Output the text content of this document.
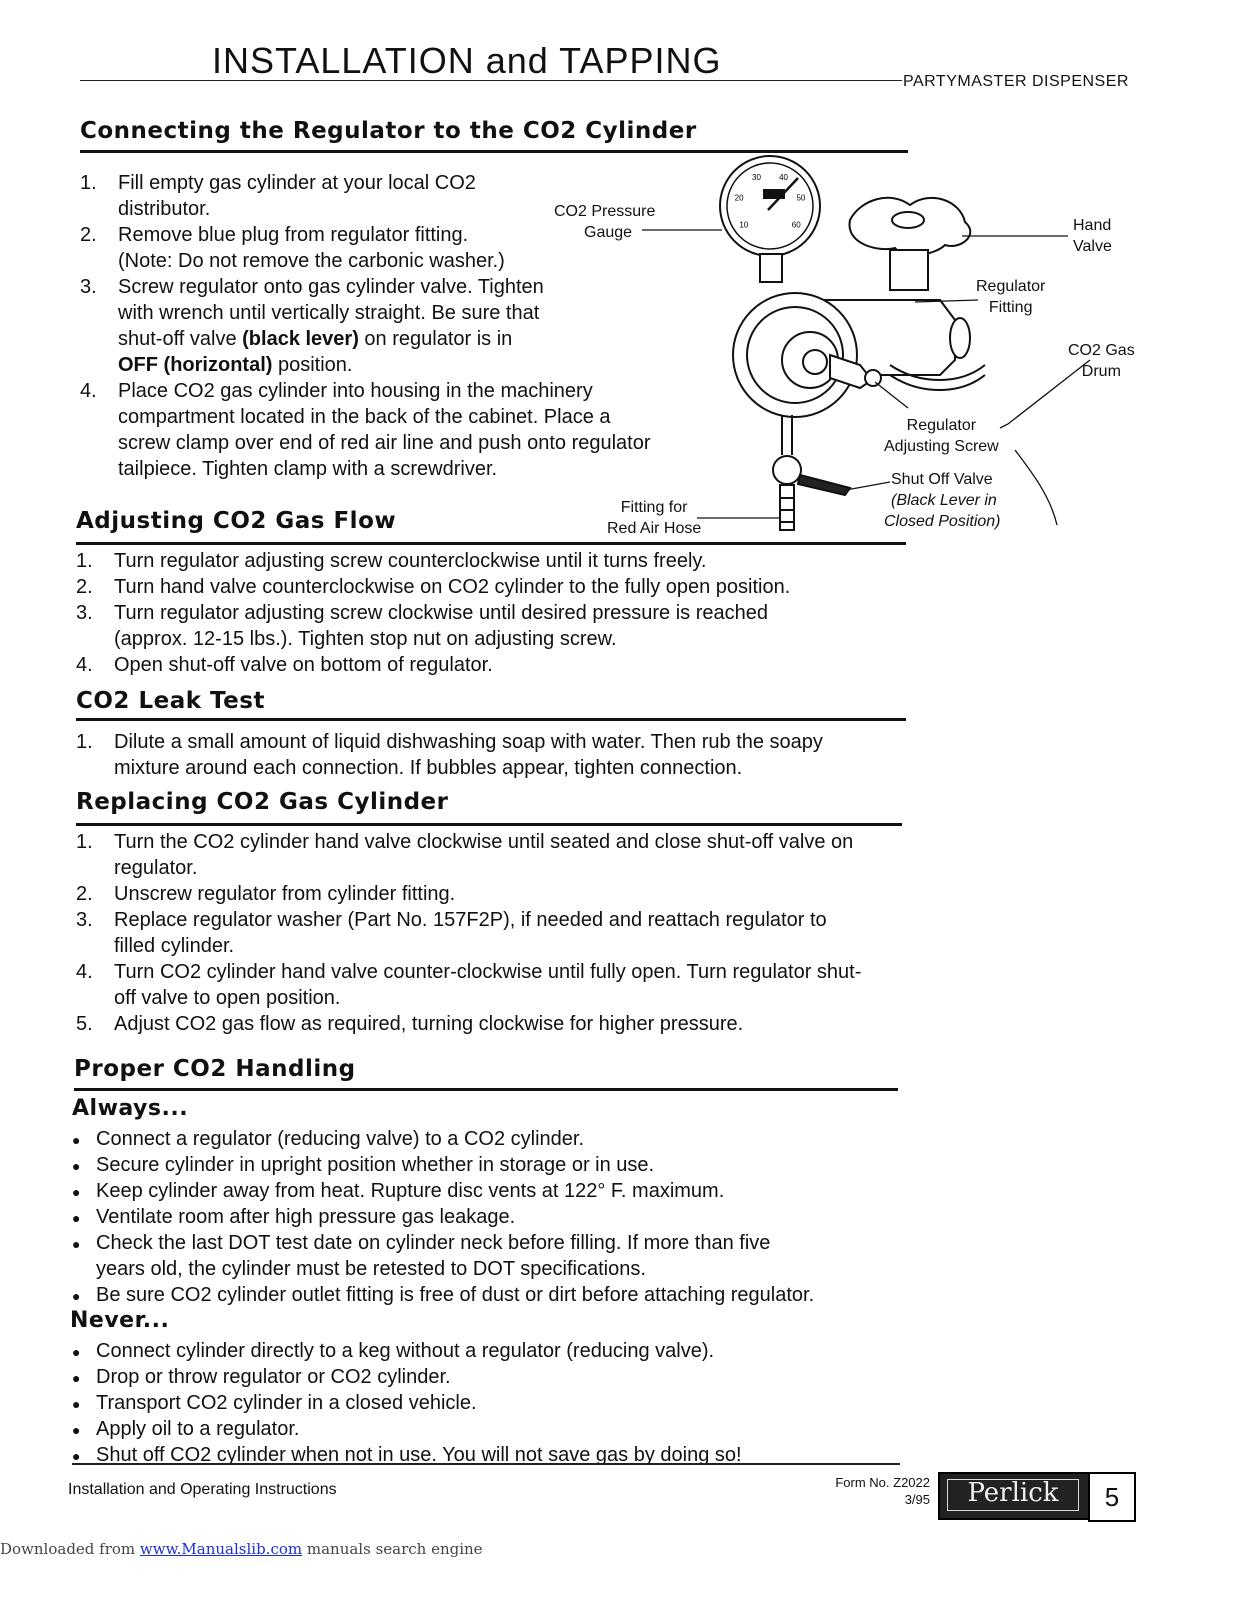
INSTALLATION and TAPPING
PARTYMASTER DISPENSER
Connecting the Regulator to the CO2 Cylinder
1.	Fill empty gas cylinder at your local CO2
distributor.
2.	Remove blue plug from regulator fitting.
(Note: Do not remove the carbonic washer.)
3.	Screw regulator onto gas cylinder valve. Tighten
with wrench until vertically straight. Be sure that
shut-off valve (black lever) on regulator is in
OFF (horizontal) position.
4.	Place CO2 gas cylinder into housing in the machinery
compartment located in the back of the cabinet. Place a
screw clamp over end of red air line and push onto regulator
tailpiece. Tighten clamp with a screwdriver.
10
20
30 40
50
60
CO2 Pressure
Gauge	Hand
Valve
Regulator
Fitting
CO2 Gas
Drum
Regulator
Adjusting Screw
Shut Off Valve
(Black Lever in
Closed Position)
Fitting for
Red Air Hose
Adjusting CO2 Gas Flow
1.	Turn regulator adjusting screw counterclockwise until it turns freely.
2.	Turn hand valve counterclockwise on CO2 cylinder to the fully open position.
3.	Turn regulator adjusting screw clockwise until desired pressure is reached
(approx. 12-15 lbs.). Tighten stop nut on adjusting screw.
4.	Open shut-off valve on bottom of regulator.
CO2 Leak Test
1.	Dilute a small amount of liquid dishwashing soap with water. Then rub the soapy
mixture around each connection. If bubbles appear, tighten connection.
Replacing CO2 Gas Cylinder
1.	Turn the CO2 cylinder hand valve clockwise until seated and close shut-off valve on
regulator.
2.	Unscrew regulator from cylinder fitting.
3.	Replace regulator washer (Part No. 157F2P), if needed and reattach regulator to
filled cylinder.
4.	Turn CO2 cylinder hand valve counter-clockwise until fully open. Turn regulator shut-
off valve to open position.
5.	Adjust CO2 gas flow as required, turning clockwise for higher pressure.
Proper CO2 Handling
Always...
● Connect a regulator (reducing valve) to a CO2 cylinder.
● Secure cylinder in upright position whether in storage or in use.
● Keep cylinder away from heat. Rupture disc vents at 122° F. maximum.
● Ventilate room after high pressure gas leakage.
● Check the last DOT test date on cylinder neck before filling. If more than five
years old, the cylinder must be retested to DOT specifications.
● Be sure CO2 cylinder outlet fitting is free of dust or dirt before attaching regulator.
Never...
● Connect cylinder directly to a keg without a regulator (reducing valve).
● Drop or throw regulator or CO2 cylinder.
● Transport CO2 cylinder in a closed vehicle.
● Apply oil to a regulator.
● Shut off CO2 cylinder when not in use. You will not save gas by doing so!
Installation and Operating Instructions	Form No. Z2022
3/95	Perlick	5
Downloaded from www.Manualslib.com manuals search engine
